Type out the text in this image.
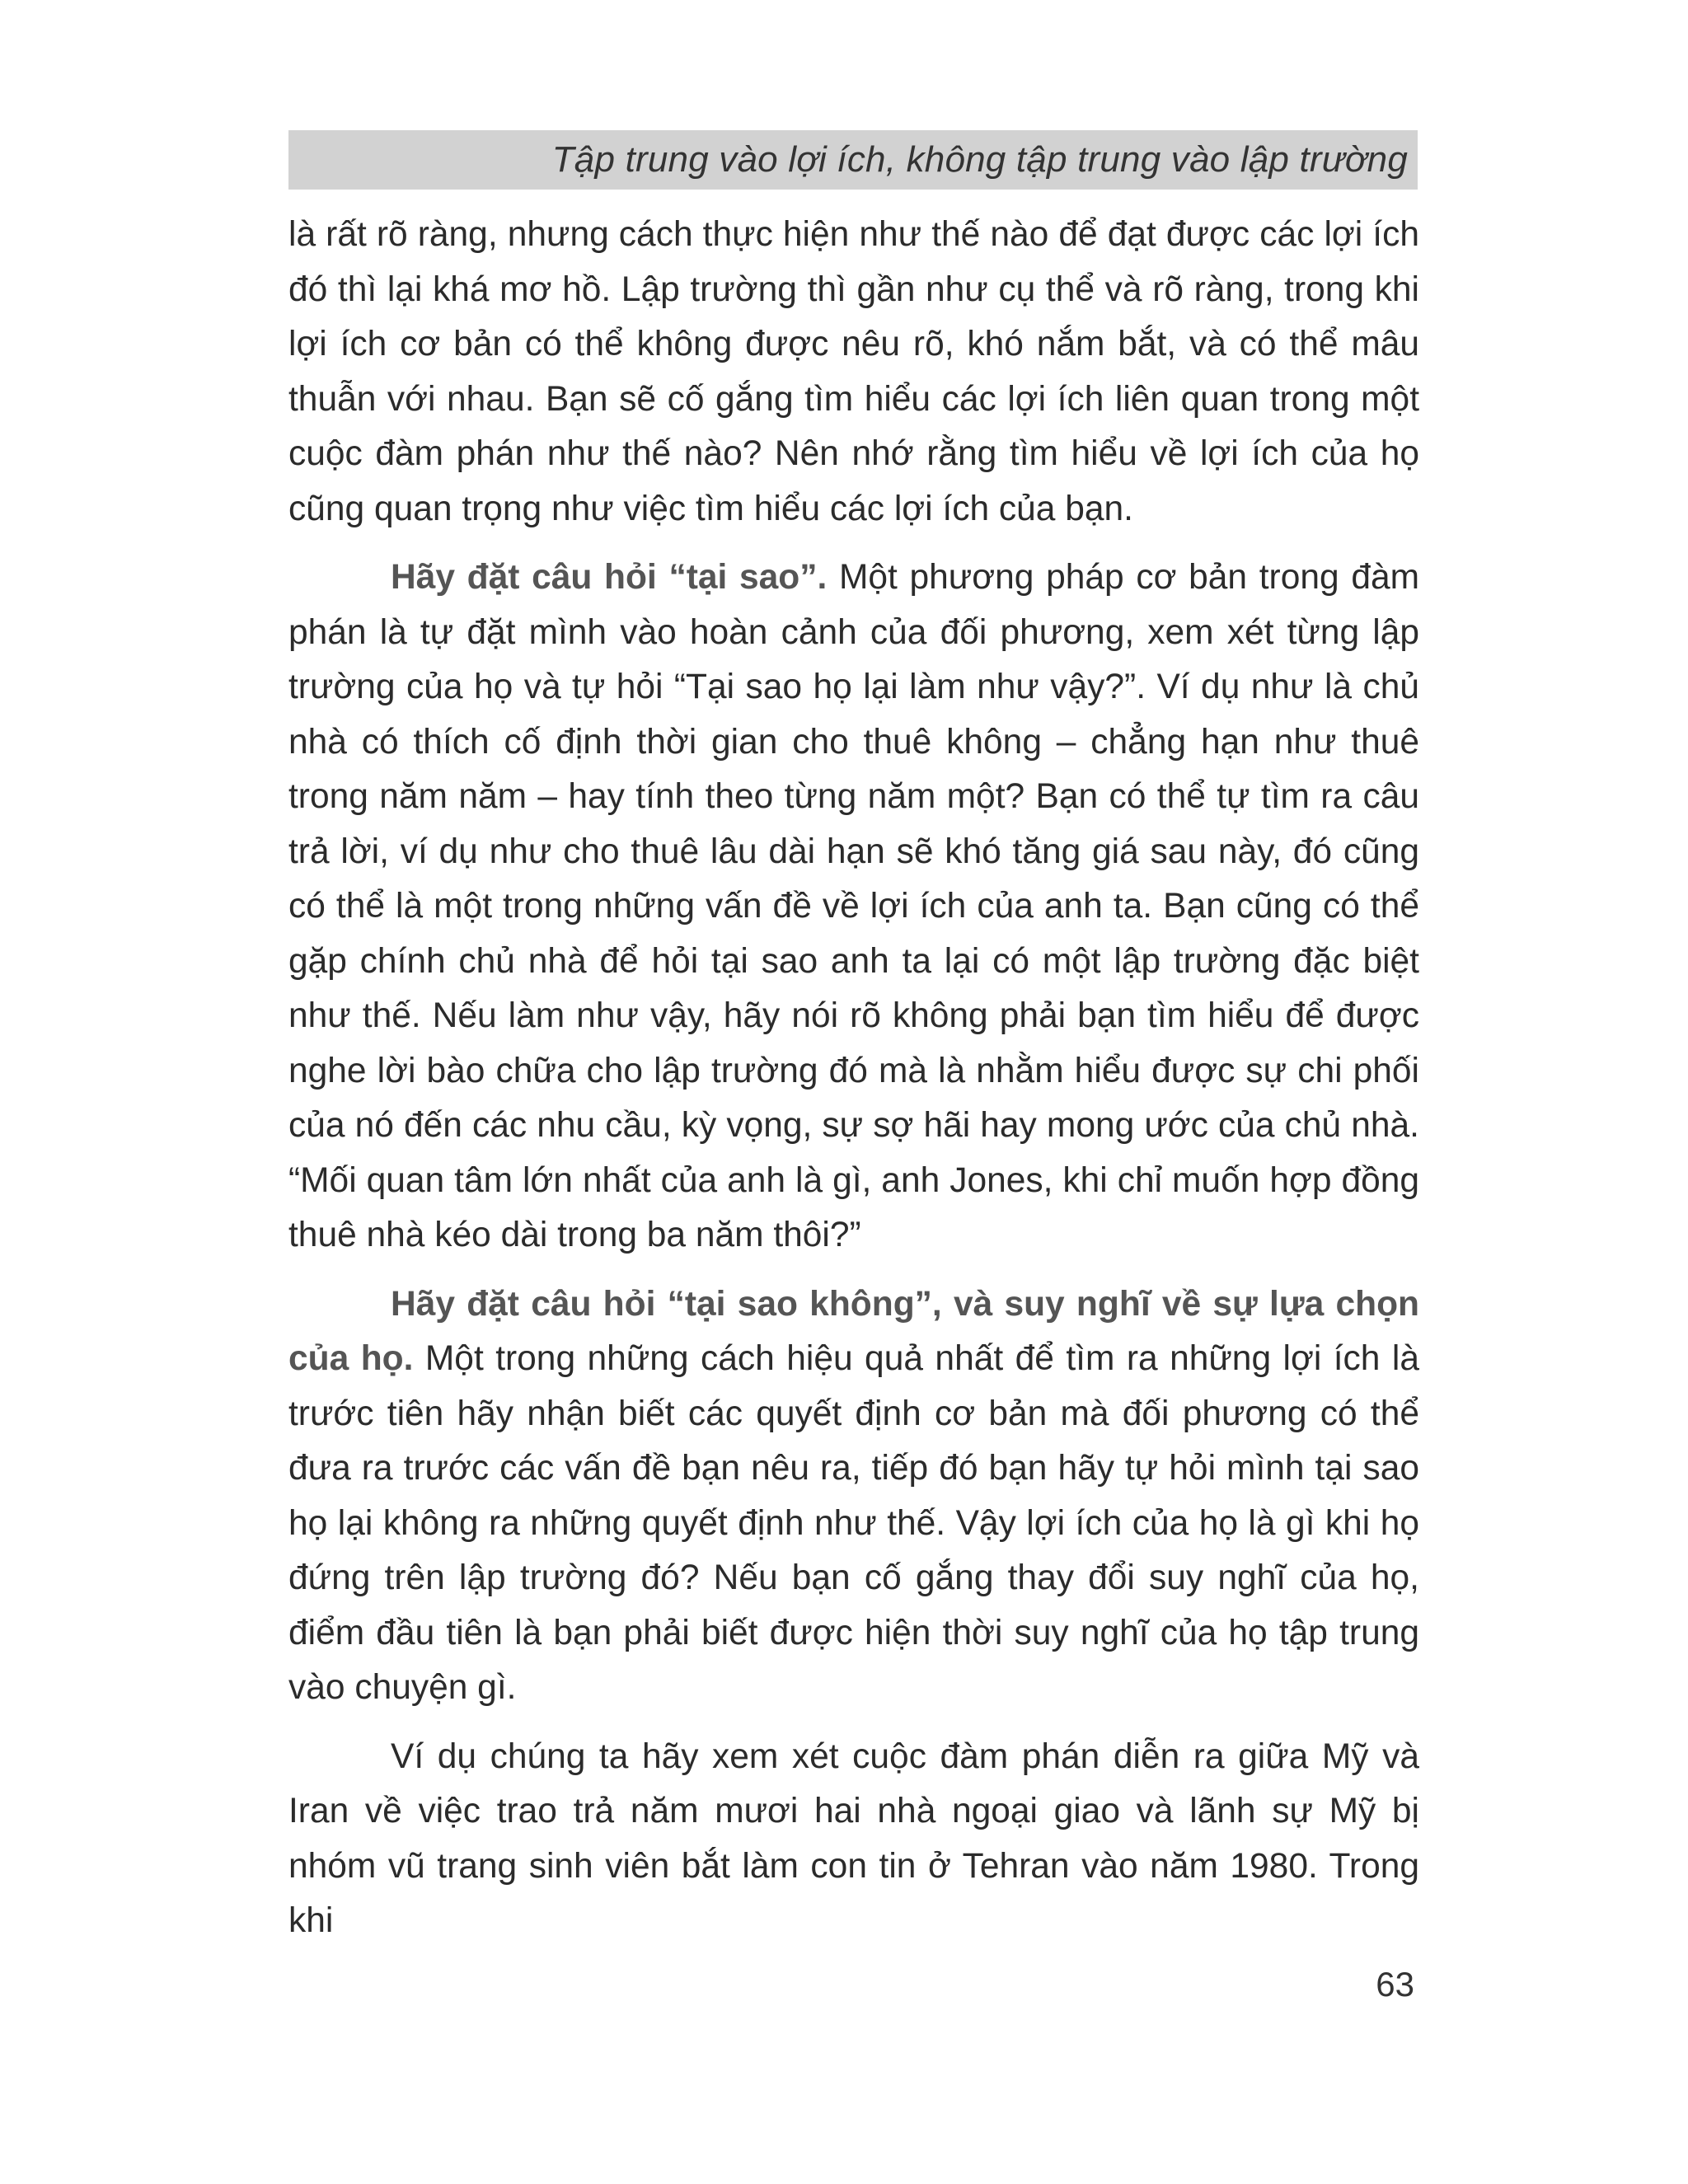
Tập trung vào lợi ích, không tập trung vào lập trường

là rất rõ ràng, nhưng cách thực hiện như thế nào để đạt được các lợi ích đó thì lại khá mơ hồ. Lập trường thì gần như cụ thể và rõ ràng, trong khi lợi ích cơ bản có thể không được nêu rõ, khó nắm bắt, và có thể mâu thuẫn với nhau. Bạn sẽ cố gắng tìm hiểu các lợi ích liên quan trong một cuộc đàm phán như thế nào? Nên nhớ rằng tìm hiểu về lợi ích của họ cũng quan trọng như việc tìm hiểu các lợi ích của bạn.

Hãy đặt câu hỏi “tại sao”. Một phương pháp cơ bản trong đàm phán là tự đặt mình vào hoàn cảnh của đối phương, xem xét từng lập trường của họ và tự hỏi “Tại sao họ lại làm như vậy?”. Ví dụ như là chủ nhà có thích cố định thời gian cho thuê không – chẳng hạn như thuê trong năm năm – hay tính theo từng năm một? Bạn có thể tự tìm ra câu trả lời, ví dụ như cho thuê lâu dài hạn sẽ khó tăng giá sau này, đó cũng có thể là một trong những vấn đề về lợi ích của anh ta. Bạn cũng có thể gặp chính chủ nhà để hỏi tại sao anh ta lại có một lập trường đặc biệt như thế. Nếu làm như vậy, hãy nói rõ không phải bạn tìm hiểu để được nghe lời bào chữa cho lập trường đó mà là nhằm hiểu được sự chi phối của nó đến các nhu cầu, kỳ vọng, sự sợ hãi hay mong ước của chủ nhà. “Mối quan tâm lớn nhất của anh là gì, anh Jones, khi chỉ muốn hợp đồng thuê nhà kéo dài trong ba năm thôi?”

Hãy đặt câu hỏi “tại sao không”, và suy nghĩ về sự lựa chọn của họ. Một trong những cách hiệu quả nhất để tìm ra những lợi ích là trước tiên hãy nhận biết các quyết định cơ bản mà đối phương có thể đưa ra trước các vấn đề bạn nêu ra, tiếp đó bạn hãy tự hỏi mình tại sao họ lại không ra những quyết định như thế. Vậy lợi ích của họ là gì khi họ đứng trên lập trường đó? Nếu bạn cố gắng thay đổi suy nghĩ của họ, điểm đầu tiên là bạn phải biết được hiện thời suy nghĩ của họ tập trung vào chuyện gì.

Ví dụ chúng ta hãy xem xét cuộc đàm phán diễn ra giữa Mỹ và Iran về việc trao trả năm mươi hai nhà ngoại giao và lãnh sự Mỹ bị nhóm vũ trang sinh viên bắt làm con tin ở Tehran vào năm 1980. Trong khi

63
